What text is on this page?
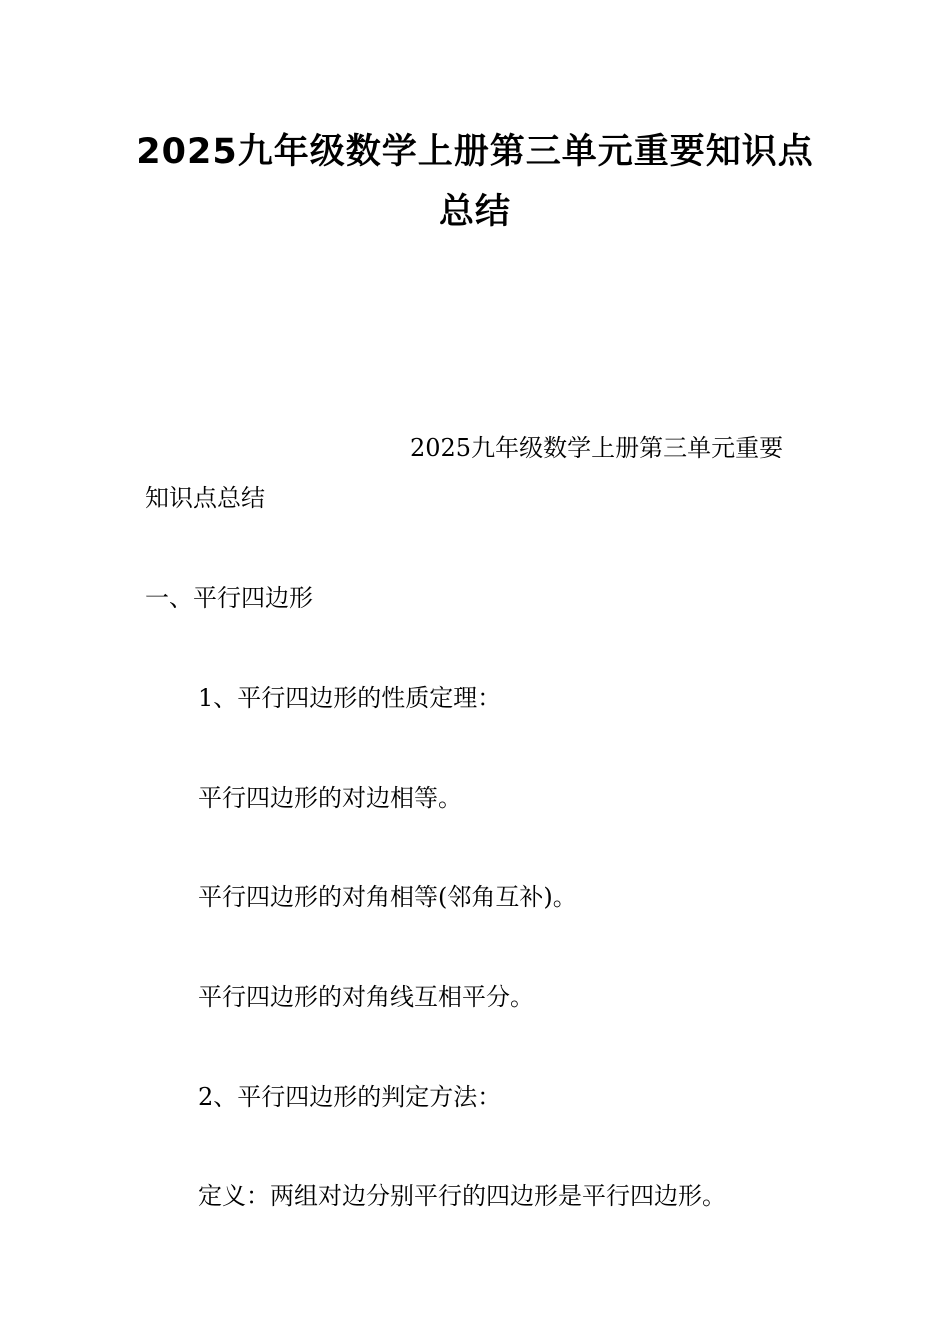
2025九年级数学上册第三单元重要知识点总结
2025九年级数学上册第三单元重要
知识点总结
一、平行四边形
1、平行四边形的性质定理：
平行四边形的对边相等。
平行四边形的对角相等(邻角互补)。
平行四边形的对角线互相平分。
2、平行四边形的判定方法：
定义：两组对边分别平行的四边形是平行四边形。
